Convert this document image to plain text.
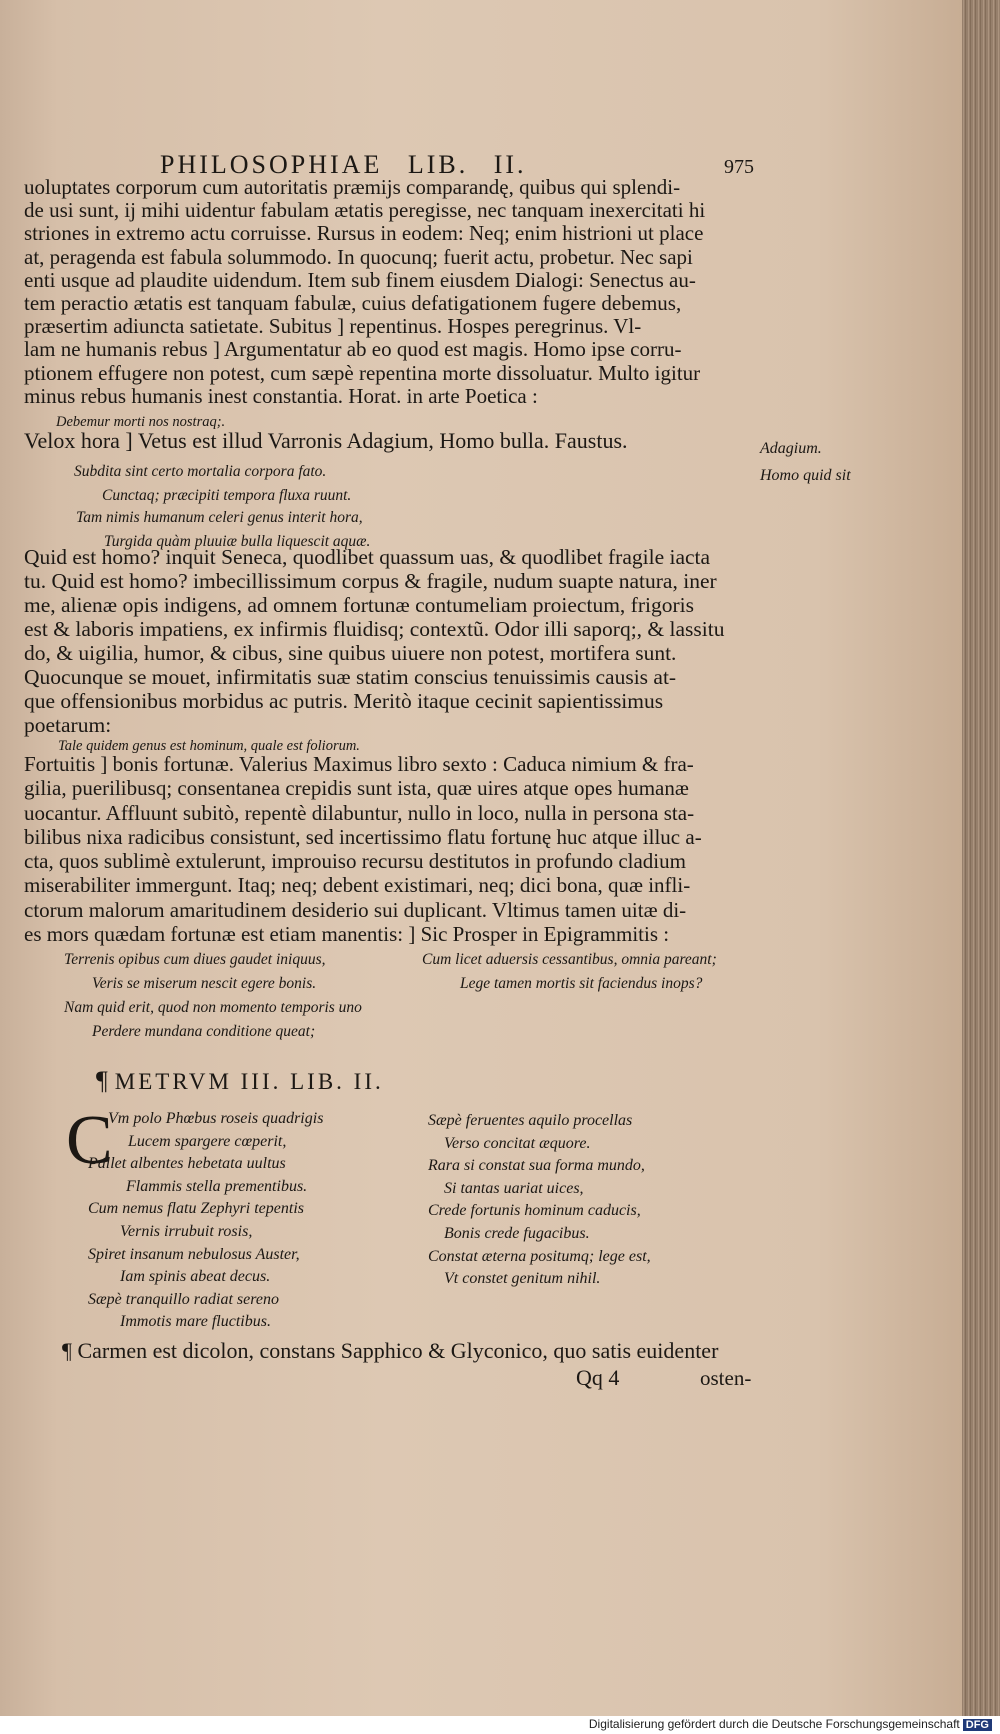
PHILOSOPHIAE LIB. II.	975

uoluptates corporum cum autoritatis præmijs comparandę, quibus qui splendi-

de usi sunt, ij mihi uidentur fabulam ætatis peregisse, nec tanquam inexercitati hi

striones in extremo actu corruisse. Rursus in eodem: Neq; enim histrioni ut place

at, peragenda est fabula solummodo. In quocunq; fuerit actu, probetur. Nec sapi

enti usque ad plaudite uidendum. Item sub finem eiusdem Dialogi: Senectus au-

tem peractio ætatis est tanquam fabulæ, cuius defatigationem fugere debemus,

præsertim adiuncta satietate. Subitus ] repentinus. Hospes peregrinus. Vl-

lam ne humanis rebus ] Argumentatur ab eo quod est magis. Homo ipse corru-

ptionem effugere non potest, cum sæpè repentina morte dissoluatur. Multo igitur

minus rebus humanis inest constantia. Horat. in arte Poetica :

Debemur morti nos nostraq;.
Velox hora ] Vetus est illud Varronis Adagium, Homo bulla. Faustus.	Adagium.
Homo quid sit
Subdita sint certo mortalia corpora fato.
Cunctaq; præcipiti tempora fluxa ruunt.
Tam nimis humanum celeri genus interit hora,
Turgida quàm pluuiæ bulla liquescit aquæ.

Quid est homo? inquit Seneca, quodlibet quassum uas, & quodlibet fragile iacta

tu. Quid est homo? imbecillissimum corpus & fragile, nudum suapte natura, iner

me, alienæ opis indigens, ad omnem fortunæ contumeliam proiectum, frigoris

est & laboris impatiens, ex infirmis fluidisq; contextũ. Odor illi saporq;, & lassitu

do, & uigilia, humor, & cibus, sine quibus uiuere non potest, mortifera sunt.

Quocunque se mouet, infirmitatis suæ statim conscius tenuissimis causis at-

que offensionibus morbidus ac putris. Meritò itaque cecinit sapientissimus

poetarum:

Tale quidem genus est hominum, quale est foliorum.

Fortuitis ] bonis fortunæ. Valerius Maximus libro sexto : Caduca nimium & fra-

gilia, puerilibusq; consentanea crepidis sunt ista, quæ uires atque opes humanæ

uocantur. Affluunt subitò, repentè dilabuntur, nullo in loco, nulla in persona sta-

bilibus nixa radicibus consistunt, sed incertissimo flatu fortunę huc atque illuc a-

cta, quos sublimè extulerunt, improuiso recursu destitutos in profundo cladium

miserabiliter immergunt. Itaq; neq; debent existimari, neq; dici bona, quæ infli-

ctorum malorum amaritudinem desiderio sui duplicant. Vltimus tamen uitæ di-

es mors quædam fortunæ est etiam manentis: ] Sic Prosper in Epigrammitis :

Terrenis opibus cum diues gaudet iniquus,
Veris se miserum nescit egere bonis.
Nam quid erit, quod non momento temporis uno
Perdere mundana conditione queat;
Cum licet aduersis cessantibus, omnia pareant;
Lege tamen mortis sit faciendus inops?
¶ METRVM III. LIB. II.
C
Vm polo Phœbus roseis quadrigis
Lucem spargere cœperit,
Pallet albentes hebetata uultus
Flammis stella prementibus.
Cum nemus flatu Zephyri tepentis
Vernis irrubuit rosis,
Spiret insanum nebulosus Auster,
Iam spinis abeat decus.
Sæpè tranquillo radiat sereno
Immotis mare fluctibus.
Sæpè feruentes aquilo procellas
Verso concitat æquore.
Rara si constat sua forma mundo,
Si tantas uariat uices,
Crede fortunis hominum caducis,
Bonis crede fugacibus.
Constat æterna positumq; lege est,
Vt constet genitum nihil.
¶ Carmen est dicolon, constans Sapphico & Glyconico, quo satis euidenter
Qq 4	osten-
Digitalisierung gefördert durch die Deutsche Forschungsgemeinschaft DFG
